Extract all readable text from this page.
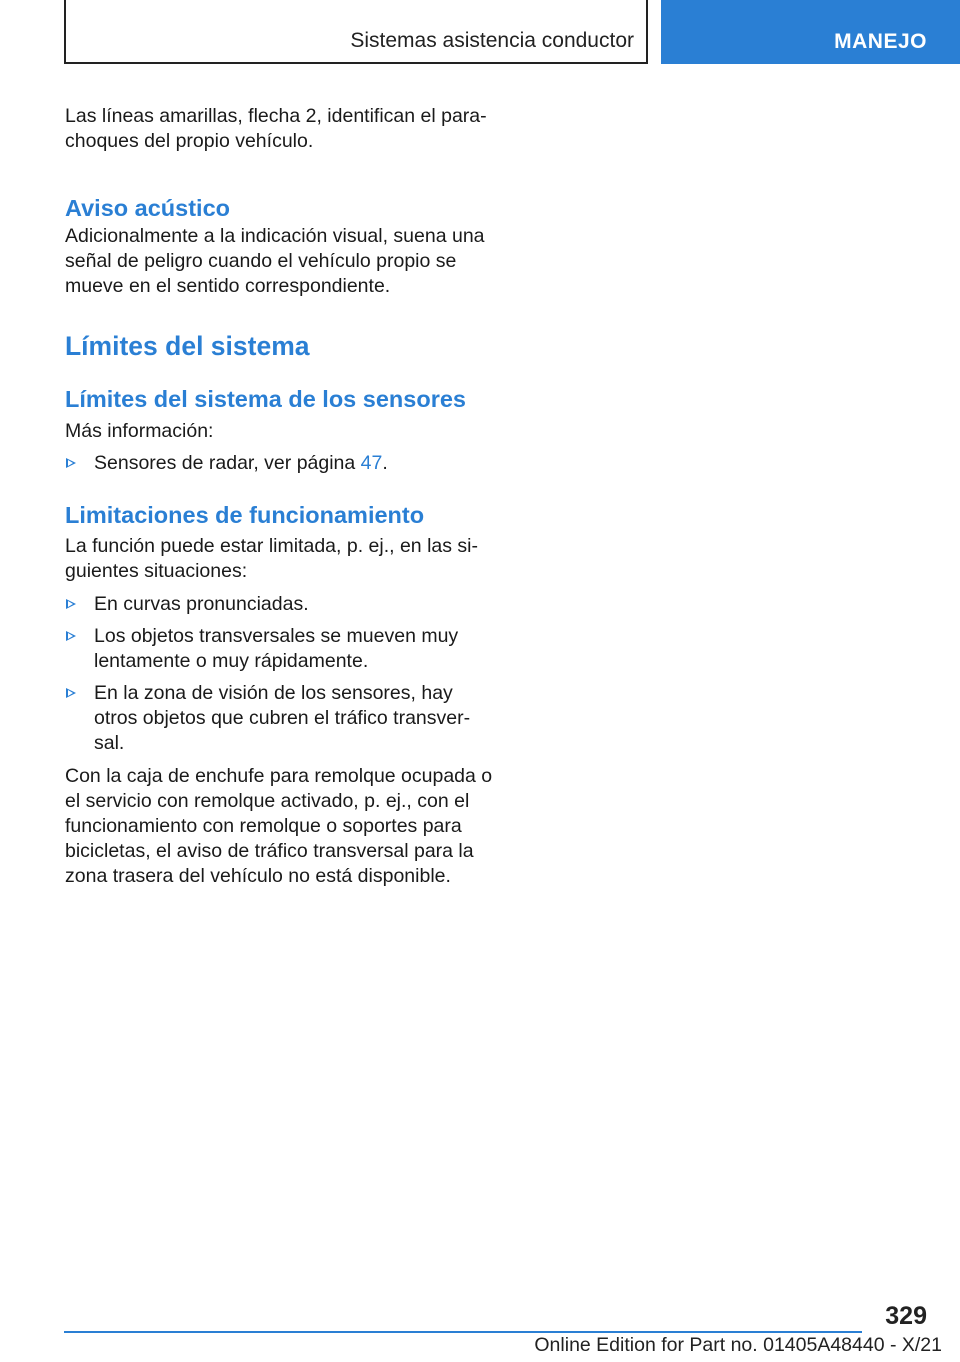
Sistemas asistencia conductor	MANEJO

Las líneas amarillas, flecha 2, identifican el para-
choques del propio vehículo.

Aviso acústico

Adicionalmente a la indicación visual, suena una
señal de peligro cuando el vehículo propio se
mueve en el sentido correspondiente.

Límites del sistema
Límites del sistema de los sensores

Más información:

Sensores de radar, ver página 47.
Limitaciones de funcionamiento

La función puede estar limitada, p. ej., en las si-
guientes situaciones:

En curvas pronunciadas.
Los objetos transversales se mueven muy
lentamente o muy rápidamente.
En la zona de visión de los sensores, hay
otros objetos que cubren el tráfico transver-
sal.

Con la caja de enchufe para remolque ocupada o
el servicio con remolque activado, p. ej., con el
funcionamiento con remolque o soportes para
bicicletas, el aviso de tráfico transversal para la
zona trasera del vehículo no está disponible.

329
Online Edition for Part no. 01405A48440 - X/21
